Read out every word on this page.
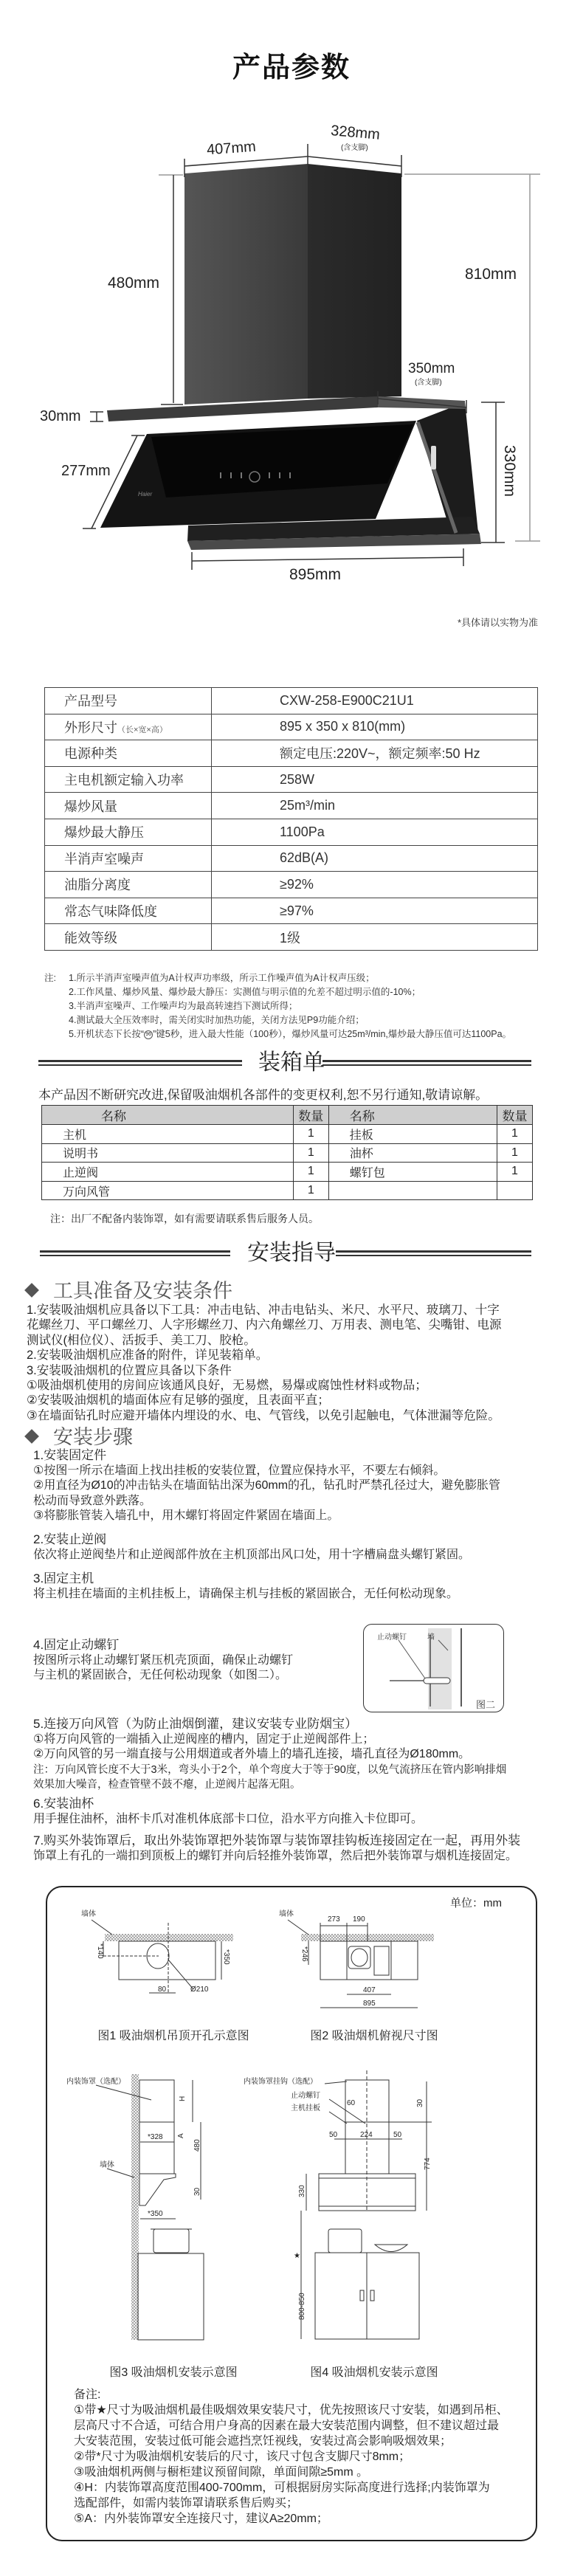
产品参数
Haier
407mm
328mm
(含支脚)
810mm
480mm
350mm
(含支脚)
30mm
277mm	330mm
895mm
*具体请以实物为准
产品型号	CXW-258-E900C21U1
外形尺寸（长×宽×高）	895 x 350 x 810(mm)
电源种类	额定电压:220V~，额定频率:50 Hz
主电机额定输入功率	258W
爆炒风量	25m³/min
爆炒最大静压	1100Pa
半消声室噪声	62dB(A)
油脂分离度	≥92%
常态气味降低度	≥97%
能效等级	1级
注: 1.所示半消声室噪声值为A计权声功率级，所示工作噪声值为A计权声压级；
2.工作风量、爆炒风量、爆炒最大静压：实测值与明示值的允差不超过明示值的-10%；
3.半消声室噪声、工作噪声均为最高转速挡下测试所得；
4.测试最大全压效率时，需关闭实时加热功能，关闭方法见P9功能介绍；
5.开机状态下长按“ 96 ”键5秒，进入最大性能（100秒），爆炒风量可达25m³/min,爆炒最大静压值可达1100Pa。
装箱单
本产品因不断研究改进,保留吸油烟机各部件的变更权利,恕不另行通知,敬请谅解。
名称	数量	名称	数量
主机	1	挂板	1
说明书	1	油杯	1
止逆阀	1	螺钉包	1
万向风管	1		
注：出厂不配备内装饰罩，如有需要请联系售后服务人员。
安装指导
工具准备及安装条件
1.安装吸油烟机应具备以下工具：冲击电钻、冲击电钻头、米尺、水平尺、玻璃刀、十字
花螺丝刀、平口螺丝刀、人字形螺丝刀、内六角螺丝刀、万用表、测电笔、尖嘴钳、电源
测试仪(相位仪）、活扳手、美工刀、胶枪。
2.安装吸油烟机应准备的附件，详见装箱单。
3.安装吸油烟机的位置应具备以下条件
①吸油烟机使用的房间应该通风良好，无易燃，易爆或腐蚀性材料或物品；
②安装吸油烟机的墙面体应有足够的强度，且表面平直；
③在墙面钻孔时应避开墙体内埋设的水、电、气管线，以免引起触电，气体泄漏等危险。
安装步骤
1.安装固定件
①按图一所示在墙面上找出挂板的安装位置，位置应保持水平，不要左右倾斜。
②用直径为Ø10的冲击钻头在墙面钻出深为60mm的孔，钻孔时严禁孔径过大，避免膨胀管
松动而导致意外跌落。
③将膨胀管装入墙孔中，用木螺钉将固定件紧固在墙面上。
2.安装止逆阀
依次将止逆阀垫片和止逆阀部件放在主机顶部出风口处，用十字槽扁盘头螺钉紧固。
3.固定主机
将主机挂在墙面的主机挂板上，请确保主机与挂板的紧固嵌合，无任何松动现象。
4.固定止动螺钉
按图所示将止动螺钉紧压机壳顶面，确保止动螺钉
与主机的紧固嵌合，无任何松动现象（如图二）。
5.连接万向风管（为防止油烟倒灌，建议安装专业防烟宝）
①将万向风管的一端插入止逆阀座的槽内，固定于止逆阀部件上；
②万向风管的另一端直接与公用烟道或者外墙上的墙孔连接，墙孔直径为Ø180mm。
注：万向风管长度不大于3米，弯头小于2个，单个弯度大于等于90度，以免气流挤压在管内影响排烟
效果加大噪音，检查管壁不鼓不瘪，止逆阀片起落无阻。
6.安装油杯
用手握住油杯，油杯卡爪对准机体底部卡口位，沿水平方向推入卡位即可。
7.购买外装饰罩后，取出外装饰罩把外装饰罩与装饰罩挂钩板连接固定在一起，再用外装
饰罩上有孔的一端扣到顶板上的螺钉并向后轻推外装饰罩，然后把外装饰罩与烟机连接固定。
止动螺钉	墙
图二
单位：mm
墙体
*140	*350
80	Ø210
图1 吸油烟机吊顶开孔示意图
墙体
273 190
*246
407
895
图2 吸油烟机俯视尺寸图
内装饰罩（选配）
墙体
H
A
*328
480
30
*350
图3 吸油烟机安装示意图
内装饰罩挂钩（选配）
止动螺钉
主机挂板
60	30
50	224	50
774
330
★
800-850
图4 吸油烟机安装示意图
备注:
①带★尺寸为吸油烟机最佳吸烟效果安装尺寸，优先按照该尺寸安装，如遇到吊柜、
层高尺寸不合适，可结合用户身高的因素在最大安装范围内调整，但不建议超过最
大安装范围，安装过低可能会遮挡烹饪视线，安装过高会影响吸烟效果；
②带*尺寸为吸油烟机安装后的尺寸，该尺寸包含支脚尺寸8mm；
③吸油烟机两侧与橱柜建议预留间隙，单面间隙≥5mm 。
④H：内装饰罩高度范围400-700mm，可根据厨房实际高度进行选择;内装饰罩为
选配部件，如需内装饰罩请联系售后购买；
⑤A：内外装饰罩安全连接尺寸，建议A≥20mm；
